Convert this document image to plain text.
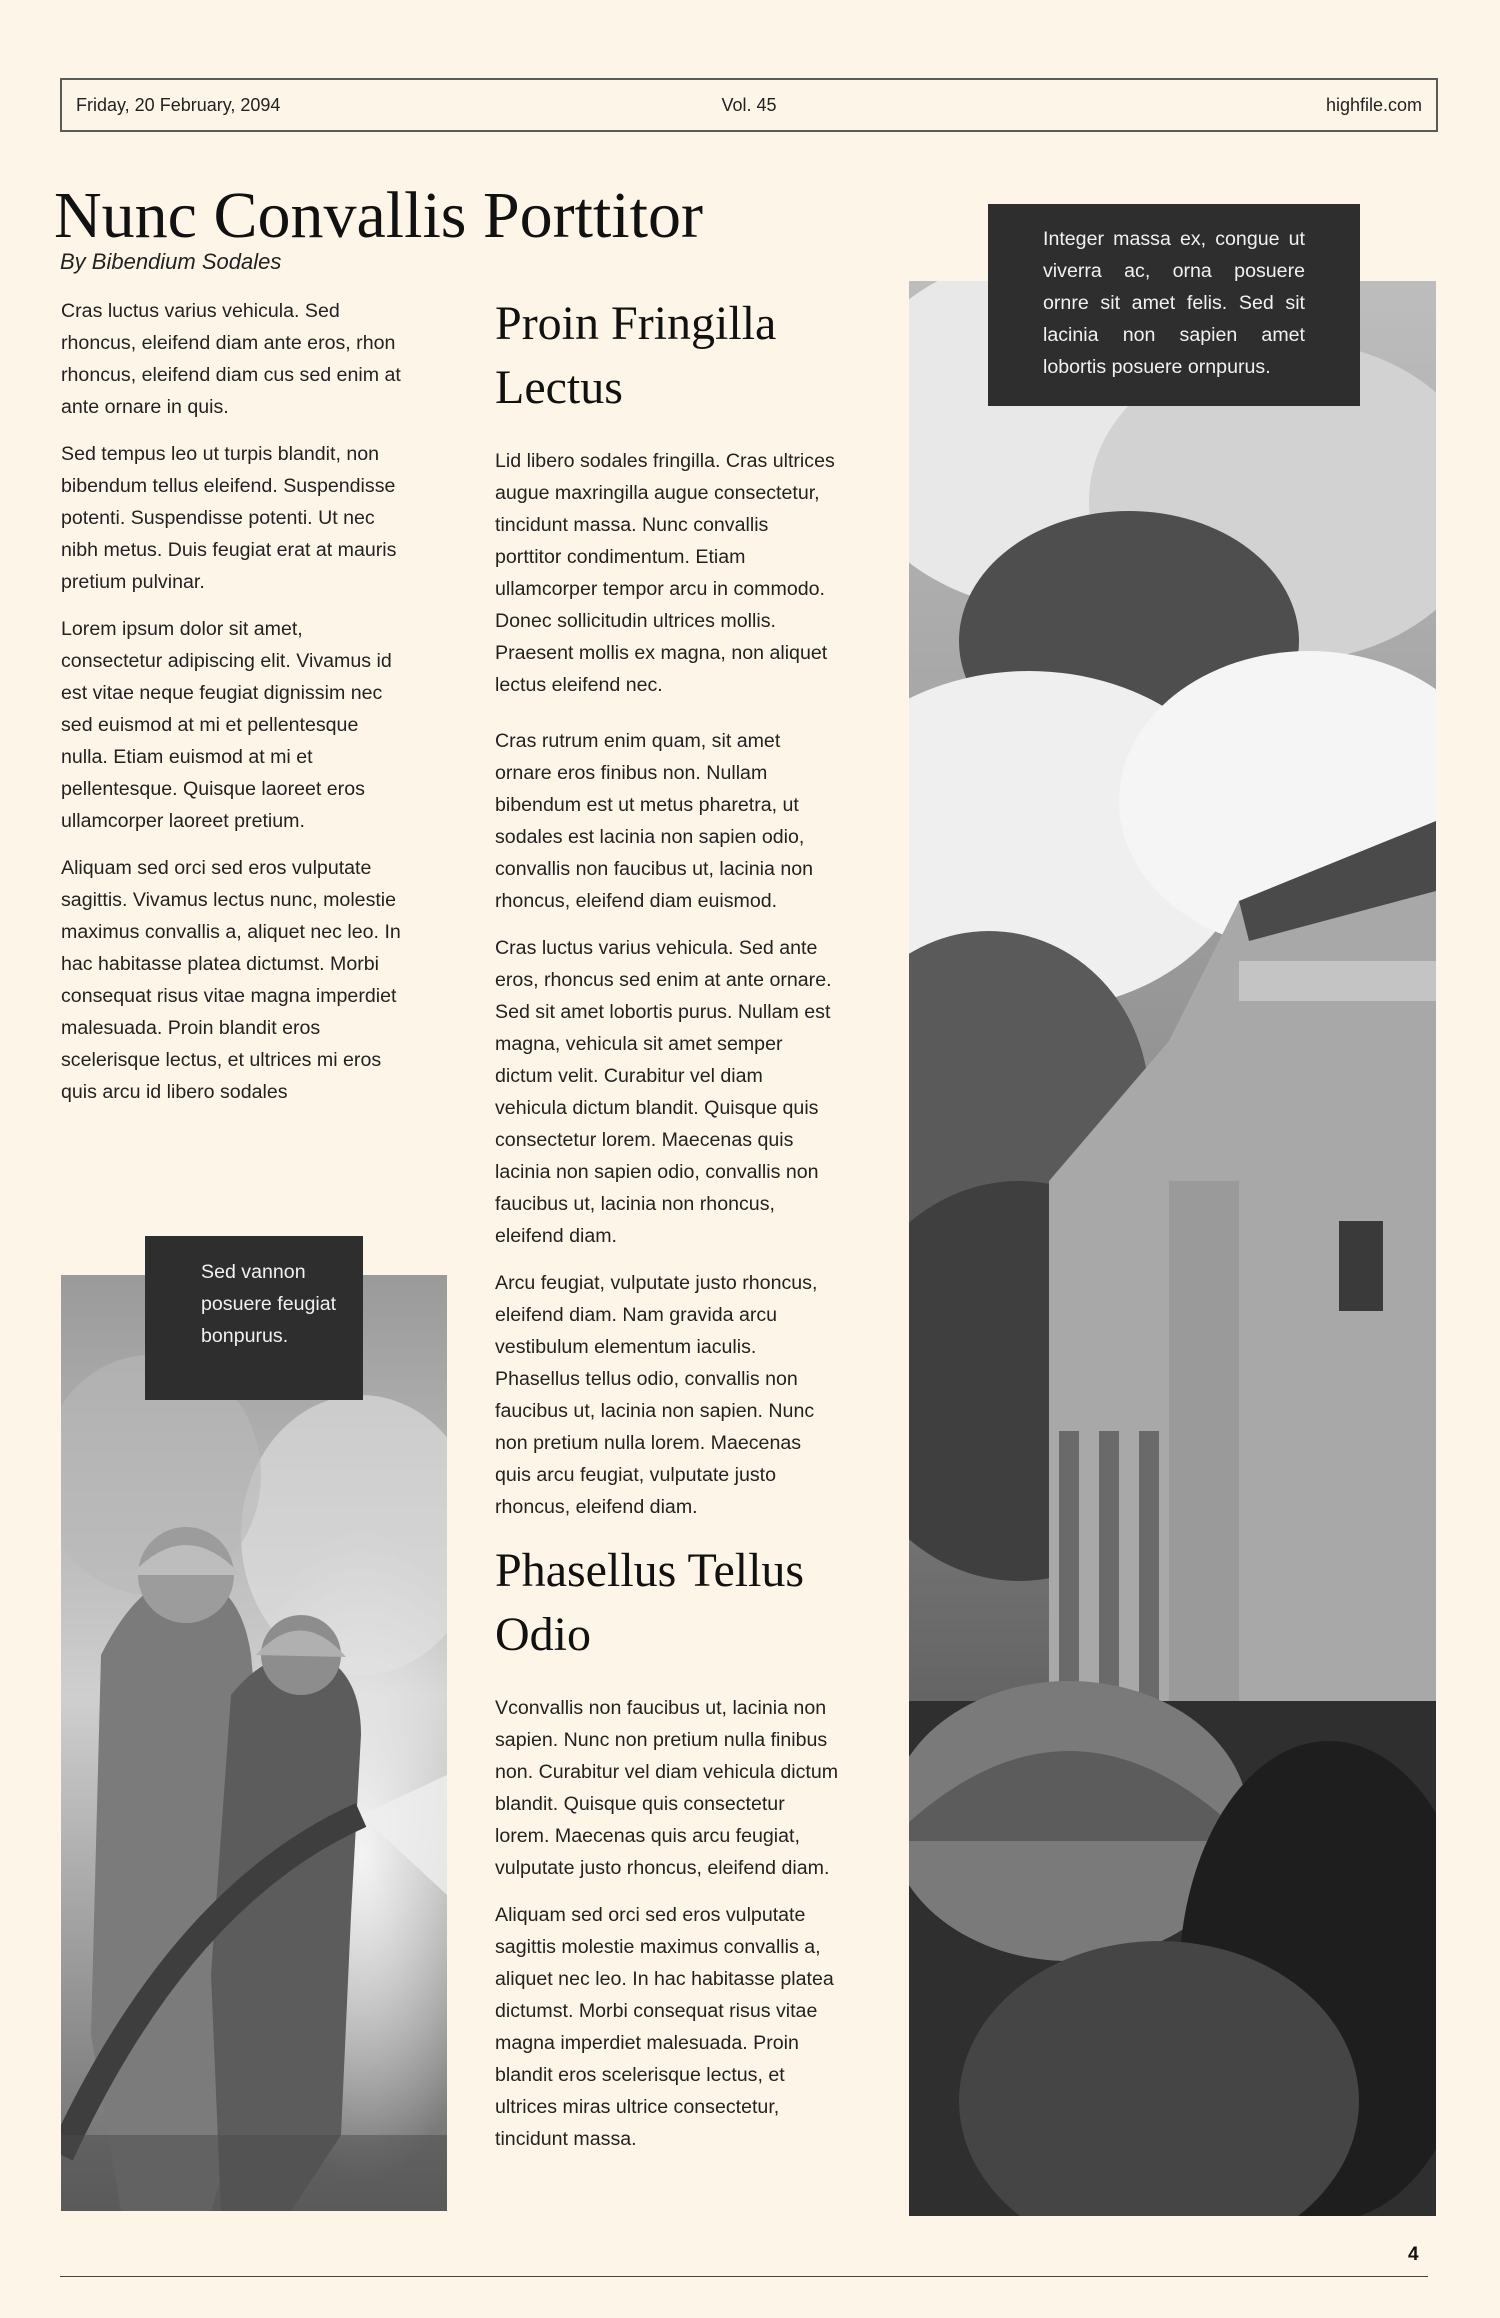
Friday, 20 February, 2094	Vol. 45	highfile.com
Nunc Convallis Porttitor
By Bibendium Sodales

Cras luctus varius vehicula. Sed rhoncus, eleifend diam ante eros, rhon rhoncus, eleifend diam cus sed enim at ante ornare in quis.

Sed tempus leo ut turpis blandit, non bibendum tellus eleifend. Suspendisse potenti. Suspendisse potenti. Ut nec nibh metus. Duis feugiat erat at mauris pretium pulvinar.

Lorem ipsum dolor sit amet, consectetur adipiscing elit. Vivamus id est vitae neque feugiat dignissim nec sed euismod at mi et pellentesque nulla. Etiam euismod at mi et pellentesque. Quisque laoreet eros ullamcorper laoreet pretium.

Aliquam sed orci sed eros vulputate sagittis. Vivamus lectus nunc, molestie maximus convallis a, aliquet nec leo. In hac habitasse platea dictumst. Morbi consequat risus vitae magna imperdiet malesuada. Proin blandit eros scelerisque lectus, et ultrices mi eros quis arcu id libero sodales

Sed vannon posuere feugiat bonpurus.
Proin Fringilla Lectus

Lid libero sodales fringilla. Cras ultrices augue maxringilla augue consectetur, tincidunt massa. Nunc convallis porttitor condimentum. Etiam ullamcorper tempor arcu in commodo. Donec sollicitudin ultrices mollis. Praesent mollis ex magna, non aliquet lectus eleifend nec.

Cras rutrum enim quam, sit amet ornare eros finibus non. Nullam bibendum est ut metus pharetra, ut sodales est lacinia non sapien odio, convallis non faucibus ut, lacinia non rhoncus, eleifend diam euismod.

Cras luctus varius vehicula. Sed ante eros, rhoncus sed enim at ante ornare. Sed sit amet lobortis purus. Nullam est magna, vehicula sit amet semper dictum velit. Curabitur vel diam vehicula dictum blandit. Quisque quis consectetur lorem. Maecenas quis lacinia non sapien odio, convallis non faucibus ut, lacinia non rhoncus, eleifend diam.

Arcu feugiat, vulputate justo rhoncus, eleifend diam. Nam gravida arcu vestibulum elementum iaculis. Phasellus tellus odio, convallis non faucibus ut, lacinia non sapien. Nunc non pretium nulla lorem. Maecenas quis arcu feugiat, vulputate justo rhoncus, eleifend diam.

Phasellus Tellus Odio

Vconvallis non faucibus ut, lacinia non sapien. Nunc non pretium nulla finibus non. Curabitur vel diam vehicula dictum blandit. Quisque quis consectetur lorem. Maecenas quis arcu feugiat, vulputate justo rhoncus, eleifend diam.

Aliquam sed orci sed eros vulputate sagittis molestie maximus convallis a, aliquet nec leo. In hac habitasse platea dictumst. Morbi consequat risus vitae magna imperdiet malesuada. Proin blandit eros scelerisque lectus, et ultrices miras ultrice consectetur, tincidunt massa.

Integer massa ex, congue ut viverra ac, orna posuere ornre sit amet felis. Sed sit lacinia non sapien amet lobortis posuere ornpurus.
4
